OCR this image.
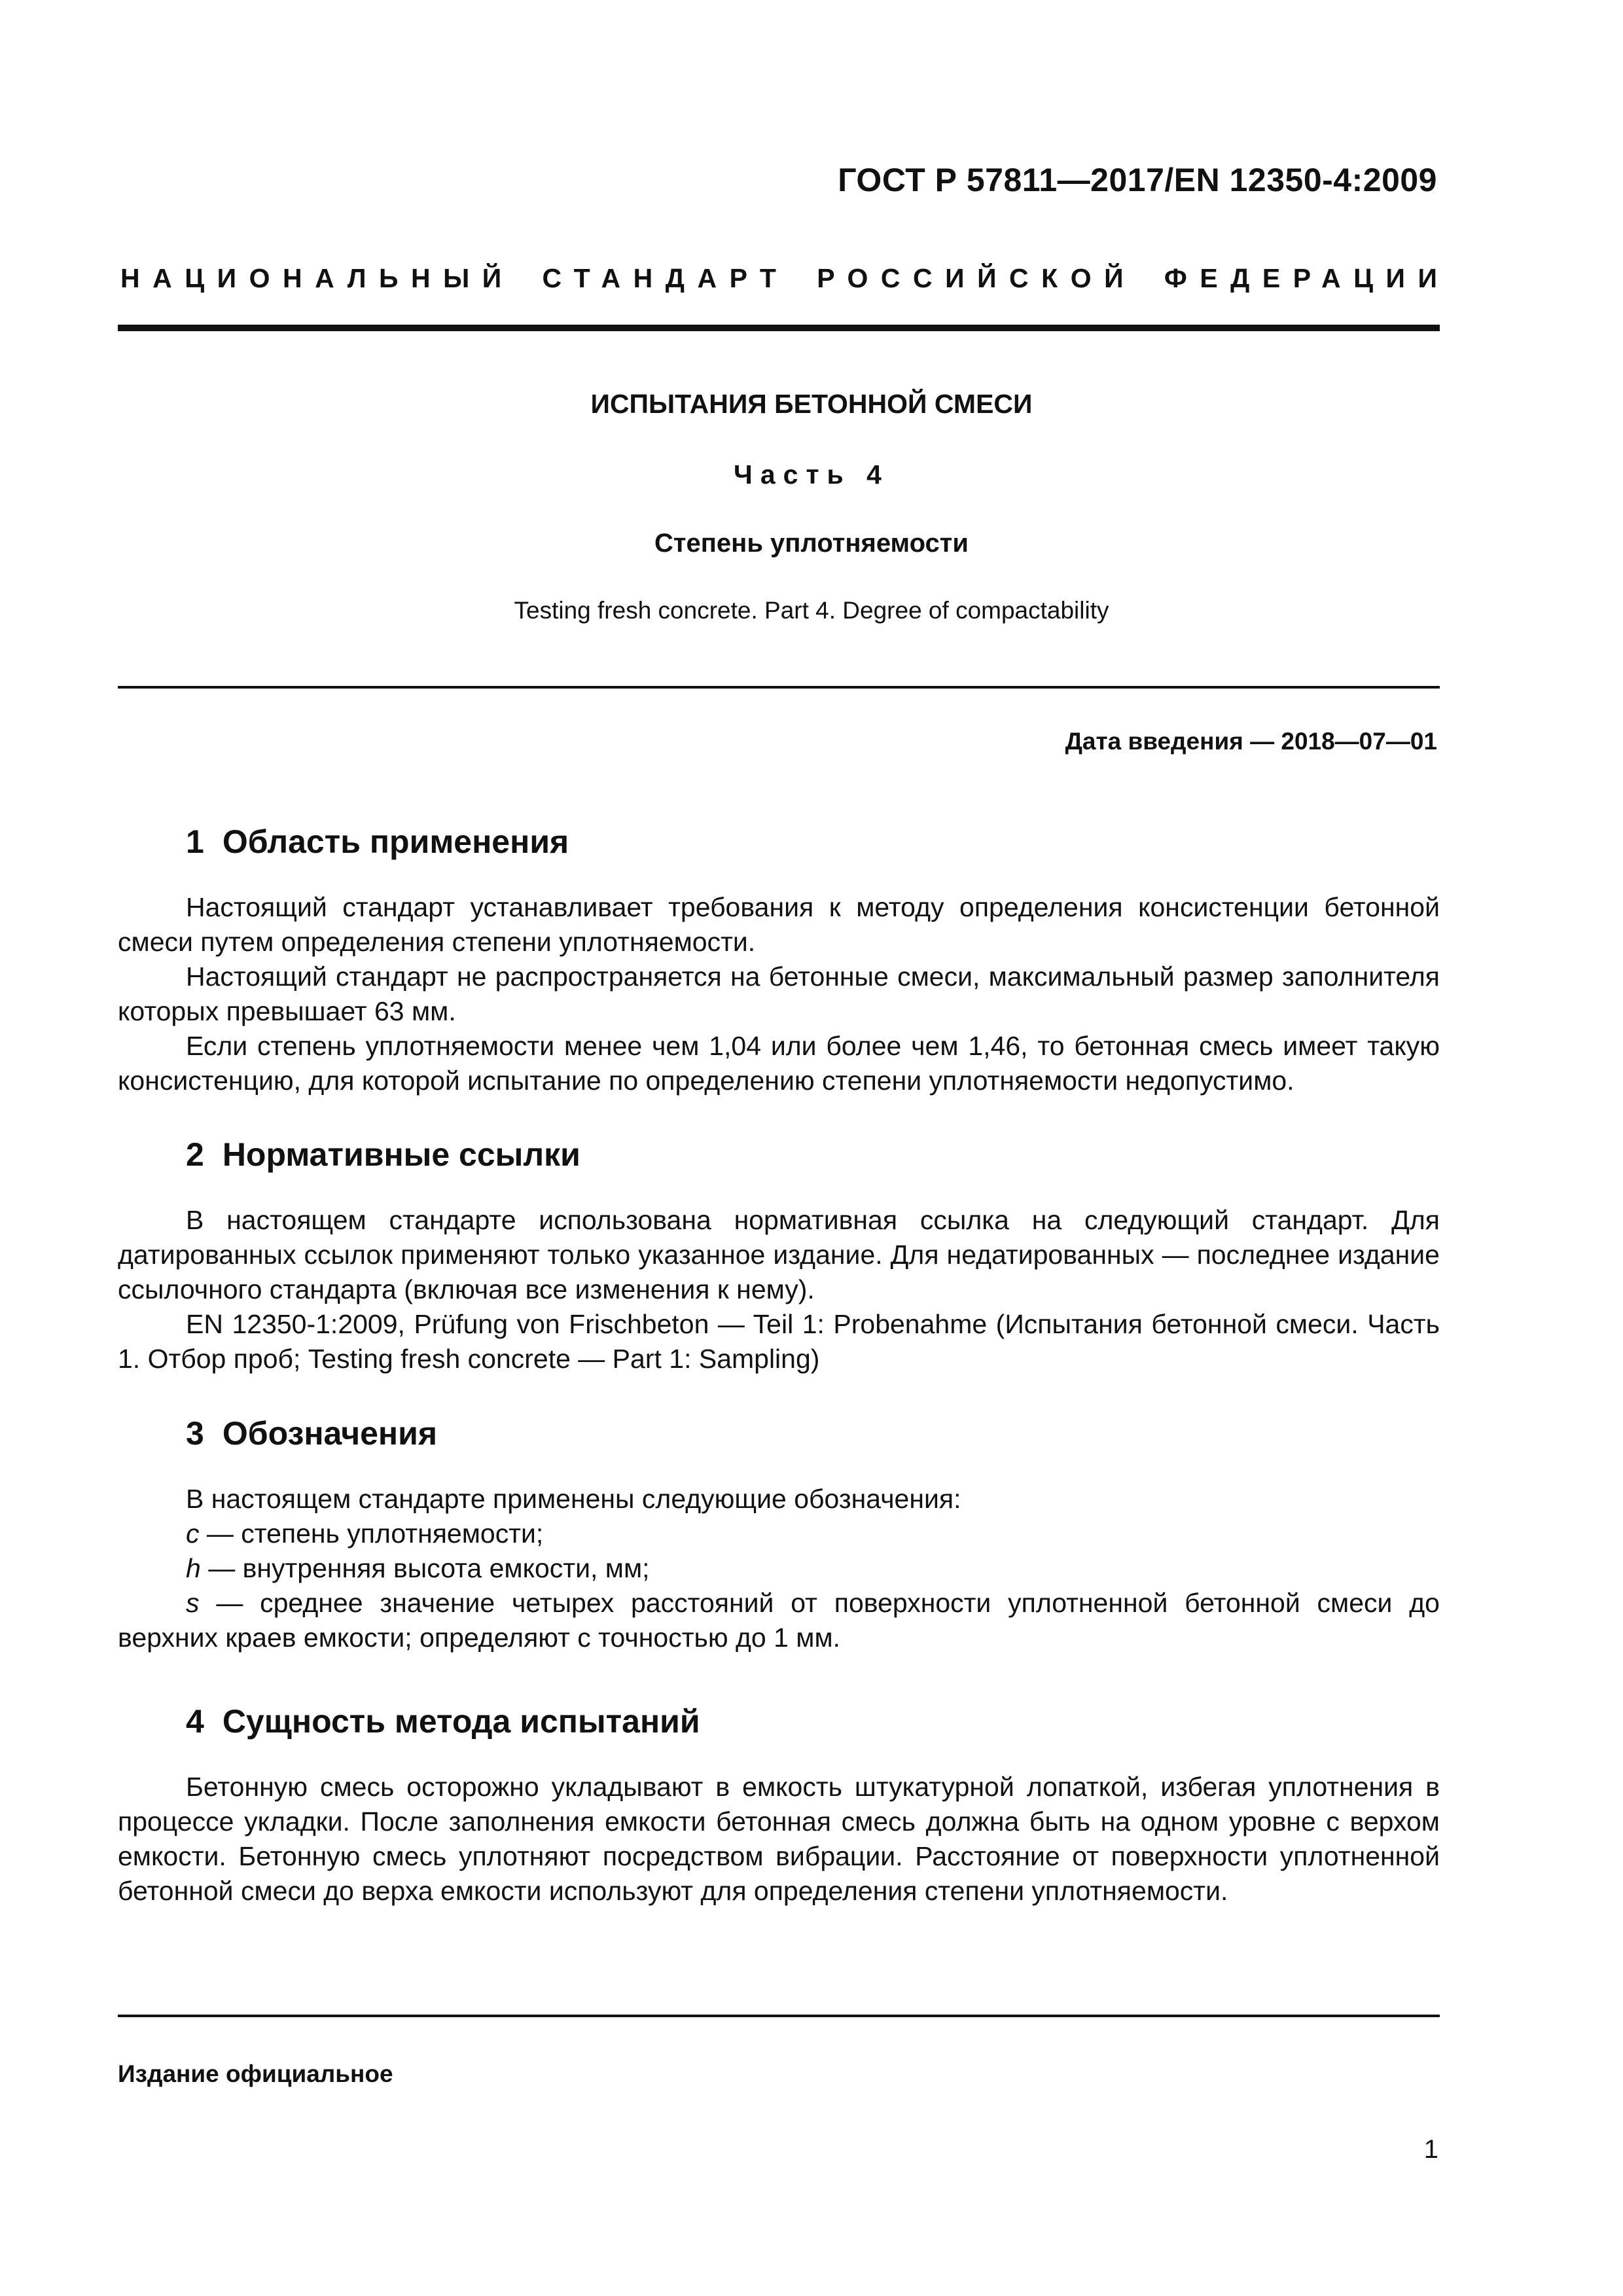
ГОСТ Р 57811—2017/EN 12350-4:2009
НАЦИОНАЛЬНЫЙ СТАНДАРТ РОССИЙСКОЙ ФЕДЕРАЦИИ
ИСПЫТАНИЯ БЕТОННОЙ СМЕСИ
Часть 4
Степень уплотняемости
Testing fresh concrete. Part 4. Degree of compactability
Дата введения — 2018—07—01
1 Область применения

Настоящий стандарт устанавливает требования к методу определения консистенции бетонной смеси путем определения степени уплотняемости.

Настоящий стандарт не распространяется на бетонные смеси, максимальный размер заполнителя которых превышает 63 мм.

Если степень уплотняемости менее чем 1,04 или более чем 1,46, то бетонная смесь имеет такую консистенцию, для которой испытание по определению степени уплотняемости недопустимо.

2 Нормативные ссылки

В настоящем стандарте использована нормативная ссылка на следующий стандарт. Для датированных ссылок применяют только указанное издание. Для недатированных — последнее издание ссылочного стандарта (включая все изменения к нему).

EN 12350-1:2009, Prüfung von Frischbeton — Teil 1: Probenahme (Испытания бетонной смеси. Часть 1. Отбор проб; Testing fresh concrete — Part 1: Sampling)

3 Обозначения

В настоящем стандарте применены следующие обозначения:

c — степень уплотняемости;

h — внутренняя высота емкости, мм;

s — среднее значение четырех расстояний от поверхности уплотненной бетонной смеси до верхних краев емкости; определяют с точностью до 1 мм.

4 Сущность метода испытаний

Бетонную смесь осторожно укладывают в емкость штукатурной лопаткой, избегая уплотнения в процессе укладки. После заполнения емкости бетонная смесь должна быть на одном уровне с верхом емкости. Бетонную смесь уплотняют посредством вибрации. Расстояние от поверхности уплотненной бетонной смеси до верха емкости используют для определения степени уплотняемости.

Издание официальное
1
